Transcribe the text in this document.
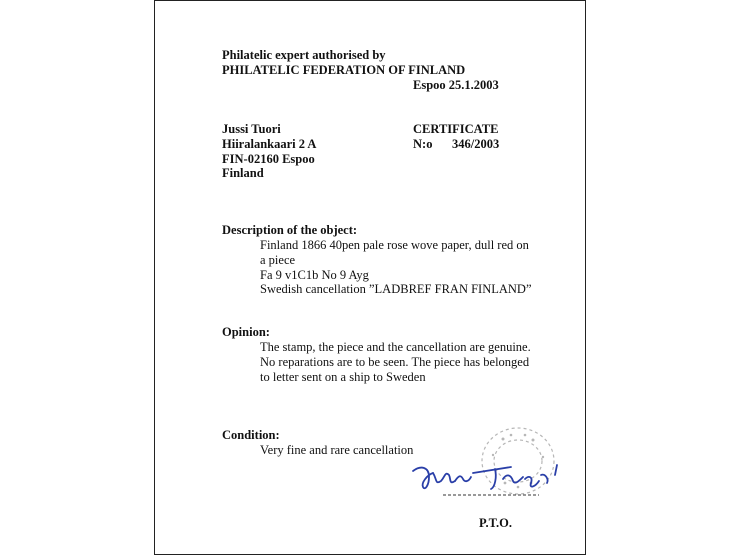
Philatelic expert authorised by
PHILATELIC FEDERATION OF FINLAND
Espoo 25.1.2003
Jussi Tuori
Hiiralankaari 2 A
FIN-02160 Espoo
Finland
CERTIFICATE
N:o 346/2003
Description of the object:
Finland 1866 40pen pale rose wove paper, dull red on
a piece
Fa 9 v1C1b No 9 Ayg
Swedish cancellation ”LADBREF FRAN FINLAND”
Opinion:
The stamp, the piece and the cancellation are genuine.
No reparations are to be seen. The piece has belonged
to letter sent on a ship to Sweden
Condition:
Very fine and rare cancellation
P.T.O.
